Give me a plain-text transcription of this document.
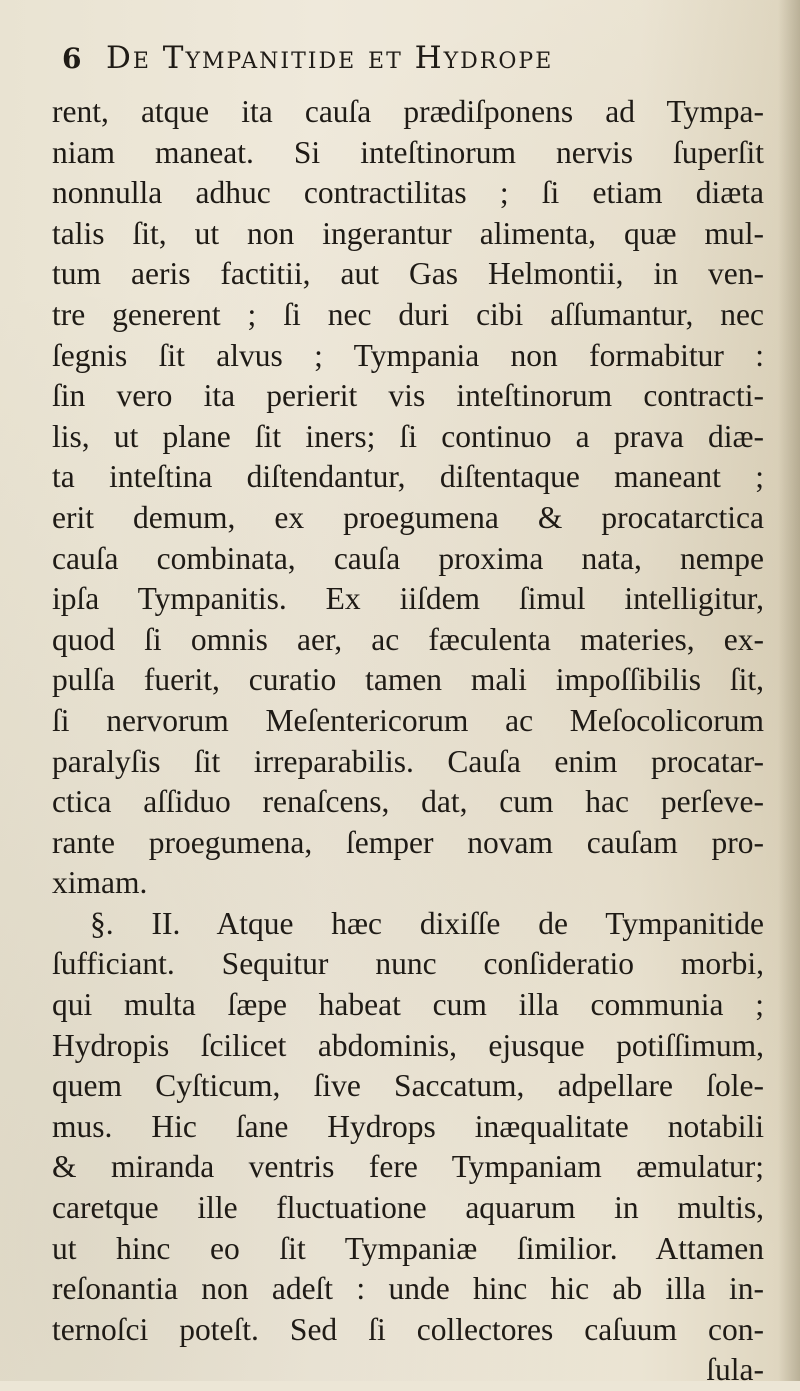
6 De Tympanitide et Hydrope
rent, atque ita cauſa prædiſponens ad Tympa-
niam maneat. Si inteſtinorum nervis ſuperſit
nonnulla adhuc contractilitas ; ſi etiam diæta
talis ſit, ut non ingerantur alimenta, quæ mul-
tum aeris factitii, aut Gas Helmontii, in ven-
tre generent ; ſi nec duri cibi aſſumantur, nec
ſegnis ſit alvus ; Tympania non formabitur :
ſin vero ita perierit vis inteſtinorum contracti-
lis, ut plane ſit iners; ſi continuo a prava diæ-
ta inteſtina diſtendantur, diſtentaque maneant ;
erit demum, ex proegumena & procatarctica
cauſa combinata, cauſa proxima nata, nempe
ipſa Tympanitis. Ex iiſdem ſimul intelligitur,
quod ſi omnis aer, ac fæculenta materies, ex-
pulſa fuerit, curatio tamen mali impoſſibilis ſit,
ſi nervorum Meſentericorum ac Meſocolicorum
paralyſis ſit irreparabilis. Cauſa enim procatar-
ctica aſſiduo renaſcens, dat, cum hac perſeve-
rante proegumena, ſemper novam cauſam pro-
ximam.
§. II. Atque hæc dixiſſe de Tympanitide
ſufficiant. Sequitur nunc conſideratio morbi,
qui multa ſæpe habeat cum illa communia ;
Hydropis ſcilicet abdominis, ejusque potiſſimum,
quem Cyſticum, ſive Saccatum, adpellare ſole-
mus. Hic ſane Hydrops inæqualitate notabili
& miranda ventris fere Tympaniam æmulatur;
caretque ille fluctuatione aquarum in multis,
ut hinc eo ſit Tympaniæ ſimilior. Attamen
reſonantia non adeſt : unde hinc hic ab illa in-
ternoſci poteſt. Sed ſi collectores caſuum con-
ſula-
